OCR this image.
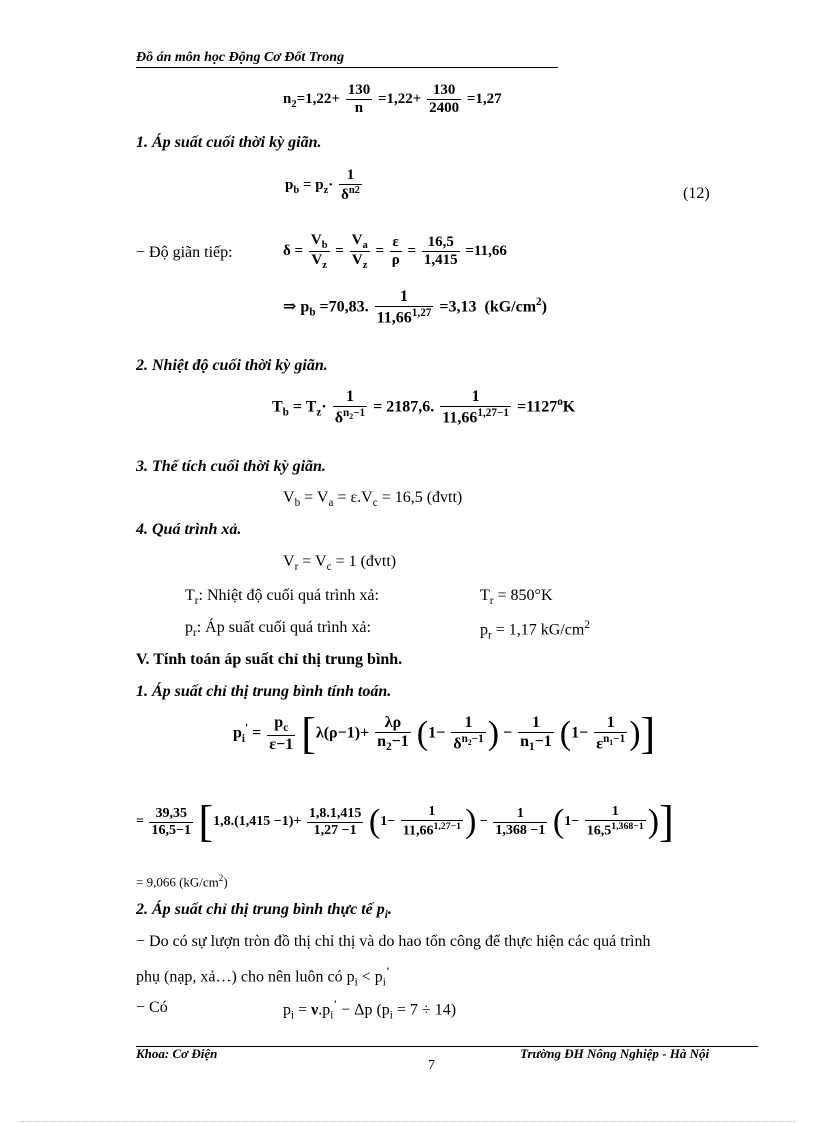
Đồ án môn học Động Cơ Đốt Trong
$n_2=1,22+ \frac{130}{n} =1,22+ \frac{130}{2400} =1,27$
1. Áp suất cuối thời kỳ giãn.
$p_b = p_z\cdot \frac{1}{\delta^{n2}}$	(12)
− Độ giãn tiếp:	$\delta = \frac{V_b}{V_z} = \frac{V_a}{V_z} = \frac{\varepsilon}{\rho} = \frac{16,5}{1,415} =11,66$
⇒ $p_b =70,83$. $\frac{1}{11,66^{1,27}} =3,13$ $(kG/cm^2)$
2. Nhiệt độ cuối thời kỳ giãn.
$T_b = T_z\cdot \frac{1}{\delta^{n_2-1}} = 2187,6$. $\frac{1}{11,66^{1,27-1}} =1127^oK$
3. Thể tích cuối thời kỳ giãn.
$V_b = V_a = \varepsilon.V_c = 16,5$ (đvtt)
4. Quá trình xả.
$V_r = V_c = 1$ (đvtt)
$T_r$: Nhiệt độ cuối quá trình xả:	$T_r = 850^\circ K$
$p_r$: Áp suất cuối quá trình xả:	$p_r = 1,17$ $kG/cm^2$
V. Tính toán áp suất chỉ thị trung bình.
1. Áp suất chỉ thị trung bình tính toán.
$p_i' = \frac{p_c}{\varepsilon-1} [\lambda(\rho-1)+ \frac{\lambda\rho}{n_2-1} (1- \frac{1}{\delta^{n_2-1}}$ ) − $\frac{1}{n_1-1} (1- \frac{1}{\varepsilon^{n_1-1}}$ )]
= $\frac{39,35}{16,5-1} [1,8.(1,415 -1)+ \frac{1,8.1,415}{1,27 -1} (1- \frac{1}{11,66^{1,27-1}}$ ) − $\frac{1}{1,368 -1} (1- \frac{1}{16,5^{1,368-1}}$ )]
= 9,066 $(kG/cm^2)$
2. Áp suất chỉ thị trung bình thực tế $p_i$.
− Do có sự lượn tròn đồ thị chỉ thị và do hao tổn công để thực hiện các quá trình
phụ (nạp, xả…) cho nên luôn có $p_i < p_i^’$
− Có	$p_i = \nu.p_i^’ - \Delta p$ $(p_i = 7 \div 14)$
Khoa: Cơ Điện	Trường ĐH Nông Nghiệp - Hà Nội
7
